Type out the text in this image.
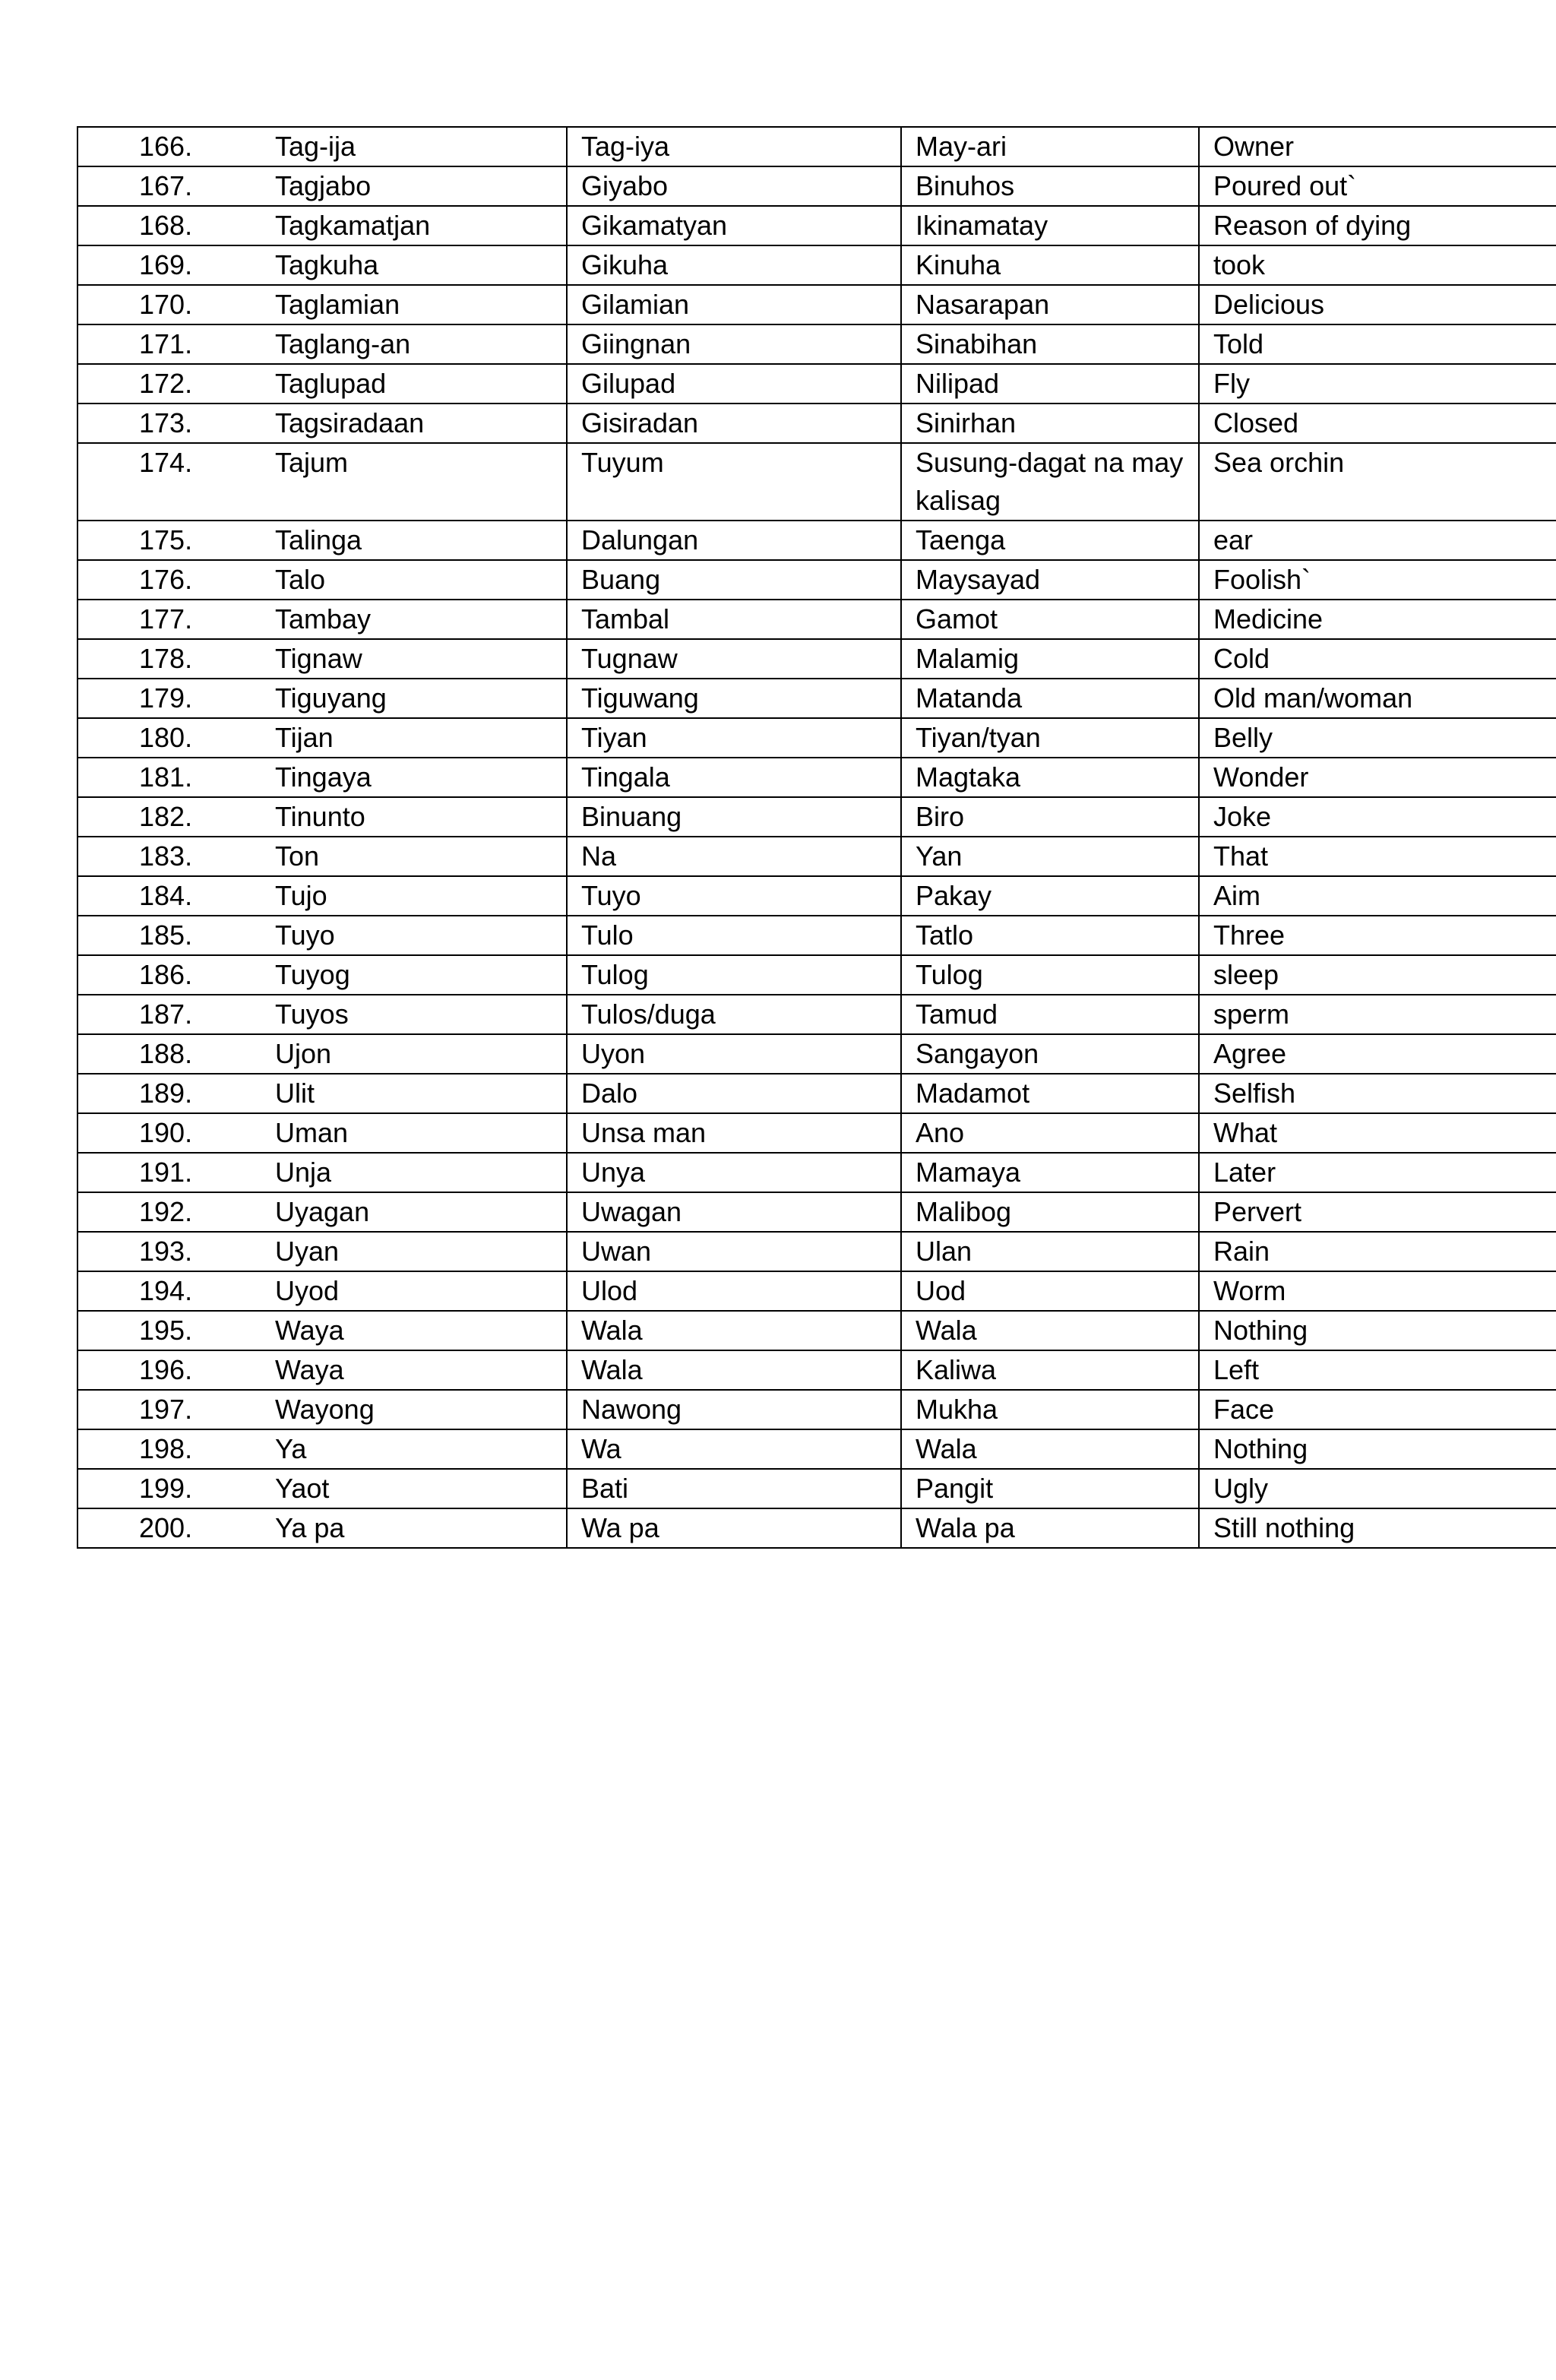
166.	Tag-ija	Tag-iya	May-ari	Owner
167.	Tagjabo	Giyabo	Binuhos	Poured out`
168.	Tagkamatjan	Gikamatyan	Ikinamatay	Reason of dying
169.	Tagkuha	Gikuha	Kinuha	took
170.	Taglamian	Gilamian	Nasarapan	Delicious
171.	Taglang-an	Giingnan	Sinabihan	Told
172.	Taglupad	Gilupad	Nilipad	Fly
173.	Tagsiradaan	Gisiradan	Sinirhan	Closed
174.	Tajum	Tuyum	Susung-dagat na may kalisag	Sea orchin
175.	Talinga	Dalungan	Taenga	ear
176.	Talo	Buang	Maysayad	Foolish`
177.	Tambay	Tambal	Gamot	Medicine
178.	Tignaw	Tugnaw	Malamig	Cold
179.	Tiguyang	Tiguwang	Matanda	Old man/woman
180.	Tijan	Tiyan	Tiyan/tyan	Belly
181.	Tingaya	Tingala	Magtaka	Wonder
182.	Tinunto	Binuang	Biro	Joke
183.	Ton	Na	Yan	That
184.	Tujo	Tuyo	Pakay	Aim
185.	Tuyo	Tulo	Tatlo	Three
186.	Tuyog	Tulog	Tulog	sleep
187.	Tuyos	Tulos/duga	Tamud	sperm
188.	Ujon	Uyon	Sangayon	Agree
189.	Ulit	Dalo	Madamot	Selfish
190.	Uman	Unsa man	Ano	What
191.	Unja	Unya	Mamaya	Later
192.	Uyagan	Uwagan	Malibog	Pervert
193.	Uyan	Uwan	Ulan	Rain
194.	Uyod	Ulod	Uod	Worm
195.	Waya	Wala	Wala	Nothing
196.	Waya	Wala	Kaliwa	Left
197.	Wayong	Nawong	Mukha	Face
198.	Ya	Wa	Wala	Nothing
199.	Yaot	Bati	Pangit	Ugly
200.	Ya pa	Wa pa	Wala pa	Still nothing
